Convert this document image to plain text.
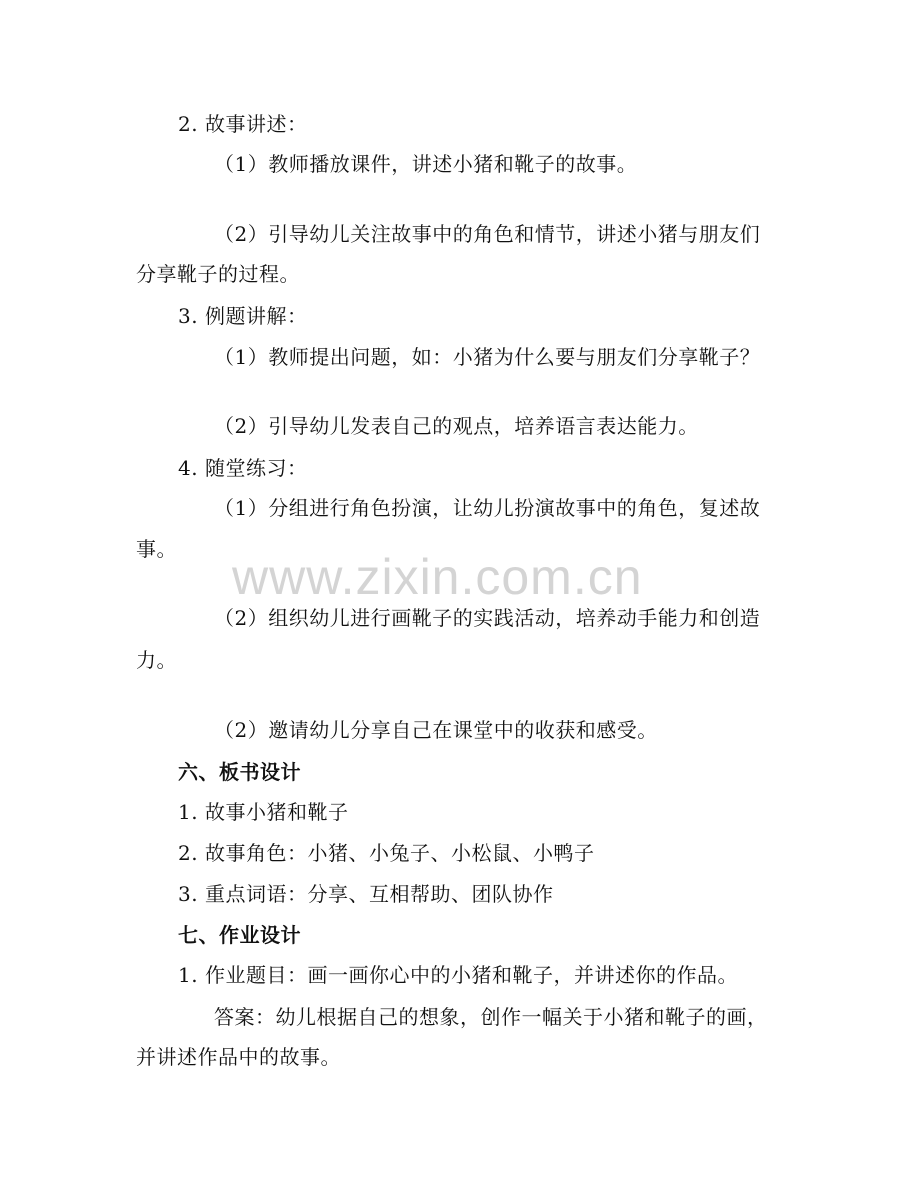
www.zixin.com.cn
2. 故事讲述：
（1）教师播放课件，讲述小猪和靴子的故事。
（2）引导幼儿关注故事中的角色和情节，讲述小猪与朋友们
分享靴子的过程。
3. 例题讲解：
（1）教师提出问题，如：小猪为什么要与朋友们分享靴子？
（2）引导幼儿发表自己的观点，培养语言表达能力。
4. 随堂练习：
（1）分组进行角色扮演，让幼儿扮演故事中的角色，复述故
事。
（2）组织幼儿进行画靴子的实践活动，培养动手能力和创造
力。
（2）邀请幼儿分享自己在课堂中的收获和感受。
六、板书设计
1. 故事小猪和靴子
2. 故事角色：小猪、小兔子、小松鼠、小鸭子
3. 重点词语：分享、互相帮助、团队协作
七、作业设计
1. 作业题目：画一画你心中的小猪和靴子，并讲述你的作品。
答案：幼儿根据自己的想象，创作一幅关于小猪和靴子的画，
并讲述作品中的故事。
